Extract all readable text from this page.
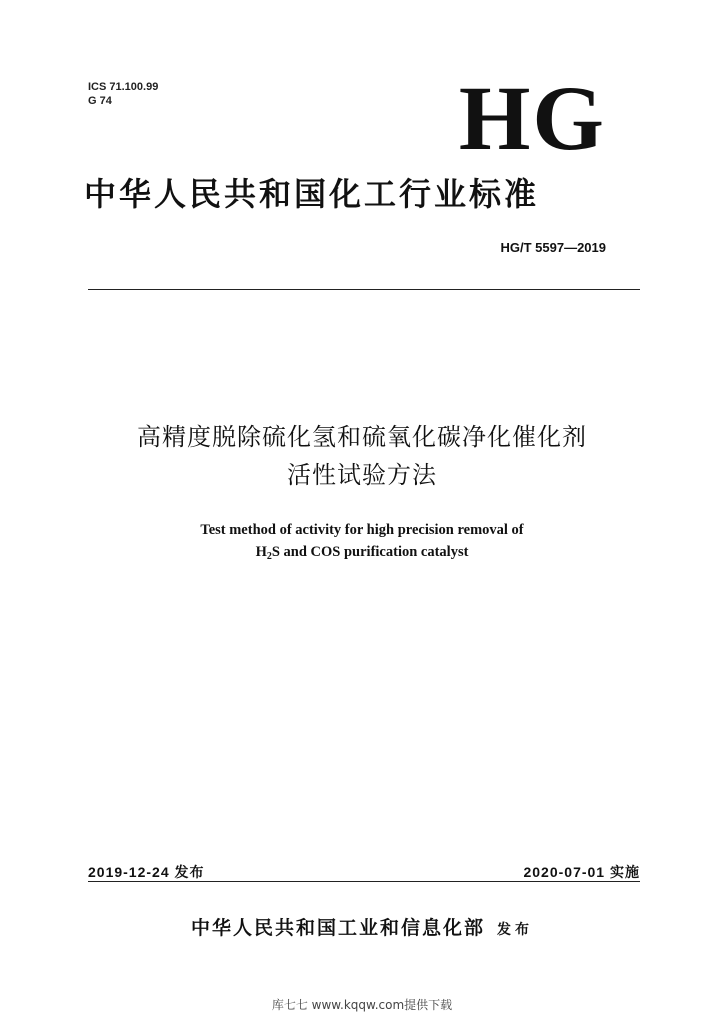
ICS 71.100.99
G 74	HG
中华人民共和国化工行业标准
HG/T 5597—2019
高精度脱除硫化氢和硫氧化碳净化催化剂
活性试验方法
Test method of activity for high precision removal of
$H_2S$ and COS purification catalyst
2019-12-24 发布	2020-07-01 实施
中华人民共和国工业和信息化部 发布
库七七 www.kqqw.com提供下载
